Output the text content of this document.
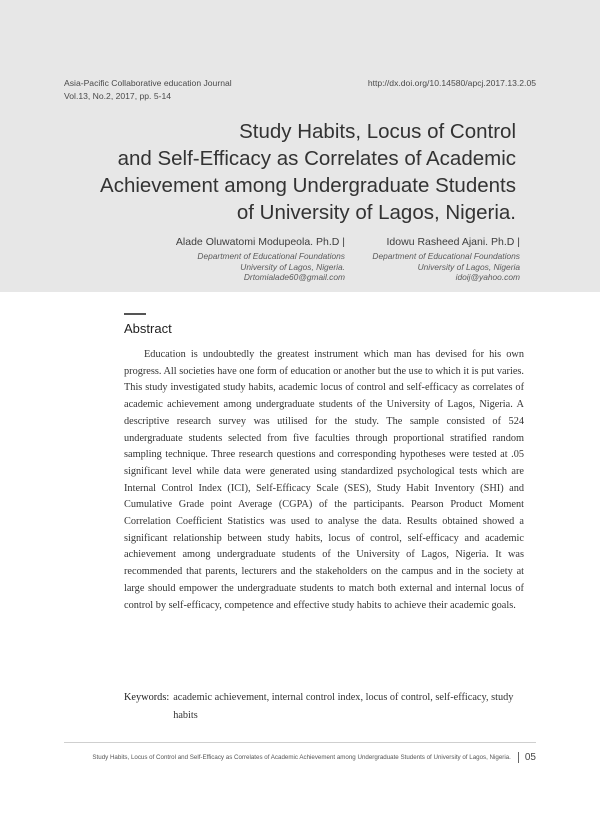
Asia-Pacific Collaborative education Journal
Vol.13, No.2, 2017, pp. 5-14
http://dx.doi.org/10.14580/apcj.2017.13.2.05
Study Habits, Locus of Control
and Self-Efficacy as Correlates of Academic
Achievement among Undergraduate Students
of University of Lagos, Nigeria.
Alade Oluwatomi Modupeola. Ph.D |
Department of Educational Foundations
University of Lagos, Nigeria.
Drtomialade60@gmail.com
Idowu Rasheed Ajani. Ph.D |
Department of Educational Foundations
University of Lagos, Nigeria
idoij@yahoo.com
Abstract

Education is undoubtedly the greatest instrument which man has devised for his own progress. All societies have one form of education or another but the use to which it is put varies. This study investigated study habits, academic locus of control and self-efficacy as correlates of academic achievement among undergraduate students of the University of Lagos, Nigeria. A descriptive research survey was utilised for the study. The sample consisted of 524 undergraduate students selected from five faculties through proportional stratified random sampling technique. Three research questions and corresponding hypotheses were tested at .05 significant level while data were generated using standardized psychological tests which are Internal Control Index (ICI), Self-Efficacy Scale (SES), Study Habit Inventory (SHI) and Cumulative Grade point Average (CGPA) of the participants. Pearson Product Moment Correlation Coefficient Statistics was used to analyse the data. Results obtained showed a significant relationship between study habits, locus of control, self-efficacy and academic achievement among undergraduate students of the University of Lagos, Nigeria. It was recommended that parents, lecturers and the stakeholders on the campus and in the society at large should empower the undergraduate students to match both external and internal locus of control by self-efficacy, competence and effective study habits to achieve their academic goals.

Keywords: academic achievement, internal control index, locus of control, self-efficacy, study habits
Study Habits, Locus of Control and Self-Efficacy as Correlates of Academic Achievement among Undergraduate Students of University of Lagos, Nigeria. 05
